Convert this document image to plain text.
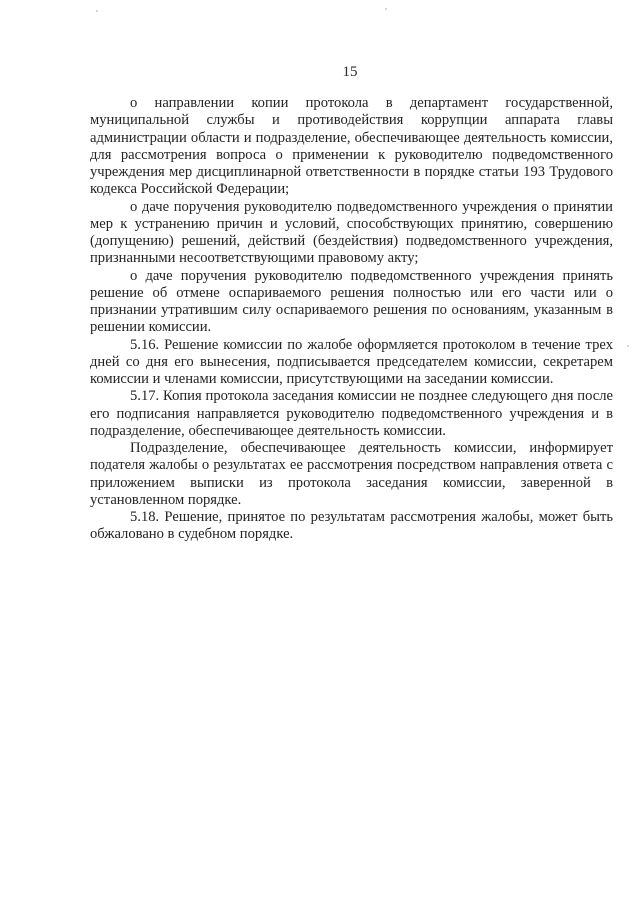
15

о направлении копии протокола в департамент государственной, муниципальной службы и противодействия коррупции аппарата главы администрации области и подразделение, обеспечивающее деятельность комиссии, для рассмотрения вопроса о применении к руководителю подведомственного учреждения мер дисциплинарной ответственности в порядке статьи 193 Трудового кодекса Российской Федерации;

о даче поручения руководителю подведомственного учреждения о принятии мер к устранению причин и условий, способствующих принятию, совершению (допущению) решений, действий (бездействия) подведомственного учреждения, признанными несоответствующими правовому акту;

о даче поручения руководителю подведомственного учреждения принять решение об отмене оспариваемого решения полностью или его части или о признании утратившим силу оспариваемого решения по основаниям, указанным в решении комиссии.

5.16. Решение комиссии по жалобе оформляется протоколом в течение трех дней со дня его вынесения, подписывается председателем комиссии, секретарем комиссии и членами комиссии, присутствующими на заседании комиссии.

5.17. Копия протокола заседания комиссии не позднее следующего дня после его подписания направляется руководителю подведомственного учреждения и в подразделение, обеспечивающее деятельность комиссии.

Подразделение, обеспечивающее деятельность комиссии, информирует подателя жалобы о результатах ее рассмотрения посредством направления ответа с приложением выписки из протокола заседания комиссии, заверенной в установленном порядке.

5.18. Решение, принятое по результатам рассмотрения жалобы, может быть обжаловано в судебном порядке.
